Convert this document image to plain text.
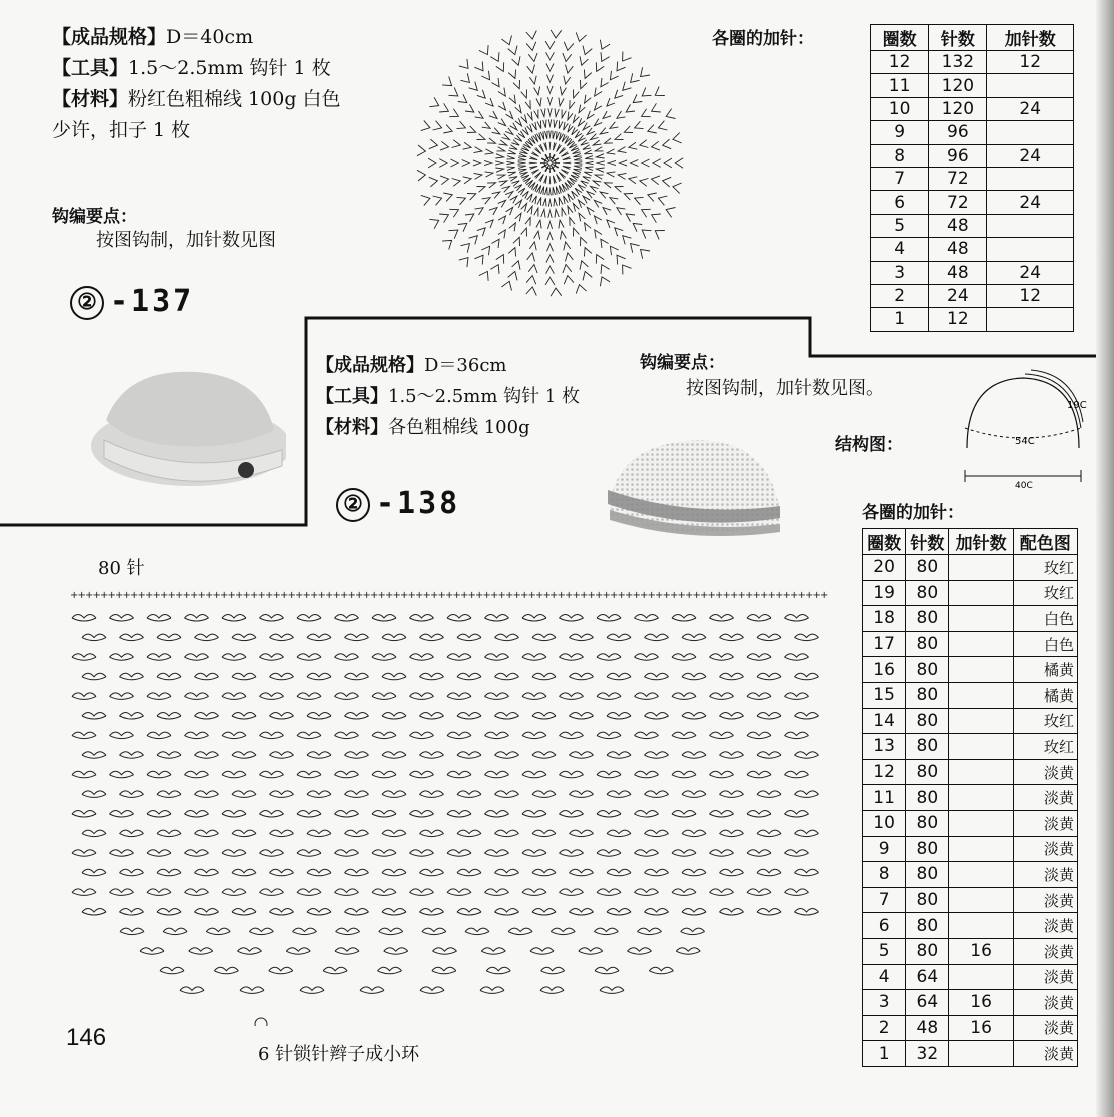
【成品规格】D＝40cm
【工具】1.5～2.5mm 钩针 1 枚
【材料】粉红色粗棉线 100g 白色
少许，扣子 1 枚
钩编要点：
按图钩制，加针数见图
② -137
各圈的加针：	圈数	针数	加针数
12	132	12
11	120	
10	120	24
9	96	
8	96	24
7	72	
6	72	24
5	48	
4	48	
3	48	24
2	24	12
1	12	
【成品规格】D＝36cm
【工具】1.5～2.5mm 钩针 1 枚
【材料】各色粗棉线 100g
钩编要点：
按图钩制，加针数见图。
结构图：
② -138
19C
54C
40C
80 针
+ + + + + + + + + + + + + + + + + + + + + + + + + + + + + + + + + + + + + + + + + + + + + + + + + + + + + + + + + + + + + + + + + + + + + + + + + + + + + + + + + + + + + + + + + + + + + + + + + + + + +
6 针锁针辫子成小环
各圈的加针：
圈数	针数	加针数	配色图
20	80		玫红
19	80		玫红
18	80		白色
17	80		白色
16	80		橘黄
15	80		橘黄
14	80		玫红
13	80		玫红
12	80		淡黄
11	80		淡黄
10	80		淡黄
9	80		淡黄
8	80		淡黄
7	80		淡黄
6	80		淡黄
5	80	16	淡黄
4	64		淡黄
3	64	16	淡黄
2	48	16	淡黄
1	32		淡黄
146
